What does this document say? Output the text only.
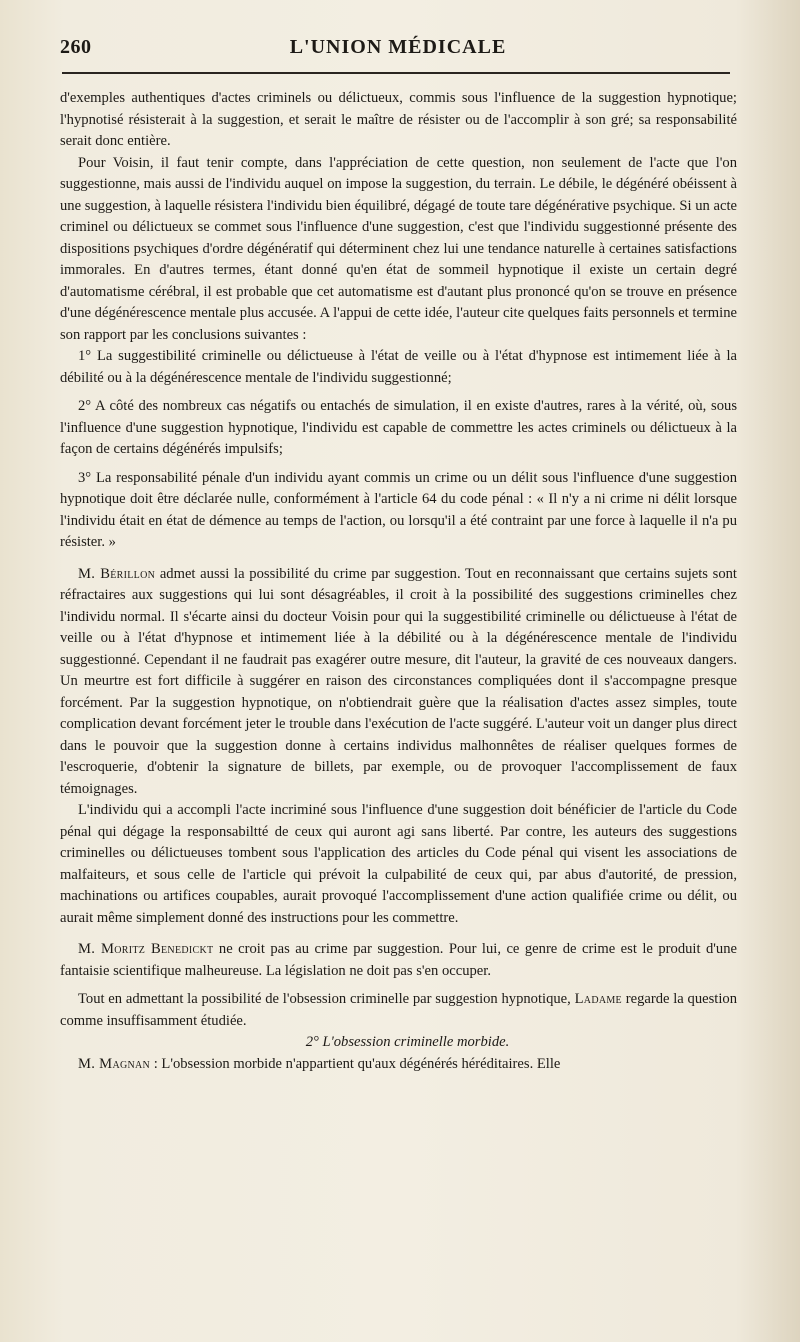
260	L'UNION MÉDICALE

d'exemples authentiques d'actes criminels ou délictueux, commis sous l'influence de la suggestion hypnotique; l'hypnotisé résisterait à la suggestion, et serait le maître de résister ou de l'accomplir à son gré; sa responsabilité serait donc entière.

Pour Voisin, il faut tenir compte, dans l'appréciation de cette question, non seulement de l'acte que l'on suggestionne, mais aussi de l'individu auquel on impose la suggestion, du terrain. Le débile, le dégénéré obéissent à une suggestion, à laquelle résistera l'individu bien équilibré, dégagé de toute tare dégénérative psychique. Si un acte criminel ou délictueux se commet sous l'influence d'une suggestion, c'est que l'individu suggestionné présente des dispositions psychiques d'ordre dégénératif qui déterminent chez lui une tendance naturelle à certaines satisfactions immorales. En d'autres termes, étant donné qu'en état de sommeil hypnotique il existe un certain degré d'automatisme cérébral, il est probable que cet automatisme est d'autant plus prononcé qu'on se trouve en présence d'une dégénérescence mentale plus accusée. A l'appui de cette idée, l'auteur cite quelques faits personnels et termine son rapport par les conclusions suivantes :

1° La suggestibilité criminelle ou délictueuse à l'état de veille ou à l'état d'hypnose est intimement liée à la débilité ou à la dégénérescence mentale de l'individu suggestionné;

2° A côté des nombreux cas négatifs ou entachés de simulation, il en existe d'autres, rares à la vérité, où, sous l'influence d'une suggestion hypnotique, l'individu est capable de commettre les actes criminels ou délictueux à la façon de certains dégénérés impulsifs;

3° La responsabilité pénale d'un individu ayant commis un crime ou un délit sous l'influence d'une suggestion hypnotique doit être déclarée nulle, conformément à l'article 64 du code pénal : « Il n'y a ni crime ni délit lorsque l'individu était en état de démence au temps de l'action, ou lorsqu'il a été contraint par une force à laquelle il n'a pu résister. »

M. Bérillon admet aussi la possibilité du crime par suggestion. Tout en reconnaissant que certains sujets sont réfractaires aux suggestions qui lui sont désagréables, il croit à la possibilité des suggestions criminelles chez l'individu normal. Il s'écarte ainsi du docteur Voisin pour qui la suggestibilité criminelle ou délictueuse à l'état de veille ou à l'état d'hypnose et intimement liée à la débilité ou à la dégénérescence mentale de l'individu suggestionné. Cependant il ne faudrait pas exagérer outre mesure, dit l'auteur, la gravité de ces nouveaux dangers. Un meurtre est fort difficile à suggérer en raison des circonstances compliquées dont il s'accompagne presque forcément. Par la suggestion hypnotique, on n'obtiendrait guère que la réalisation d'actes assez simples, toute complication devant forcément jeter le trouble dans l'exécution de l'acte suggéré. L'auteur voit un danger plus direct dans le pouvoir que la suggestion donne à certains individus malhonnêtes de réaliser quelques formes de l'escroquerie, d'obtenir la signature de billets, par exemple, ou de provoquer l'accomplissement de faux témoignages.

L'individu qui a accompli l'acte incriminé sous l'influence d'une suggestion doit bénéficier de l'article du Code pénal qui dégage la responsabiltté de ceux qui auront agi sans liberté. Par contre, les auteurs des suggestions criminelles ou délictueuses tombent sous l'application des articles du Code pénal qui visent les associations de malfaiteurs, et sous celle de l'article qui prévoit la culpabilité de ceux qui, par abus d'autorité, de pression, machinations ou artifices coupables, aurait provoqué l'accomplissement d'une action qualifiée crime ou délit, ou aurait même simplement donné des instructions pour les commettre.

M. Moritz Benedickt ne croit pas au crime par suggestion. Pour lui, ce genre de crime est le produit d'une fantaisie scientifique malheureuse. La législation ne doit pas s'en occuper.

Tout en admettant la possibilité de l'obsession criminelle par suggestion hypnotique, Ladame regarde la question comme insuffisamment étudiée.

2° L'obsession criminelle morbide.

M. Magnan : L'obsession morbide n'appartient qu'aux dégénérés héréditaires. Elle
